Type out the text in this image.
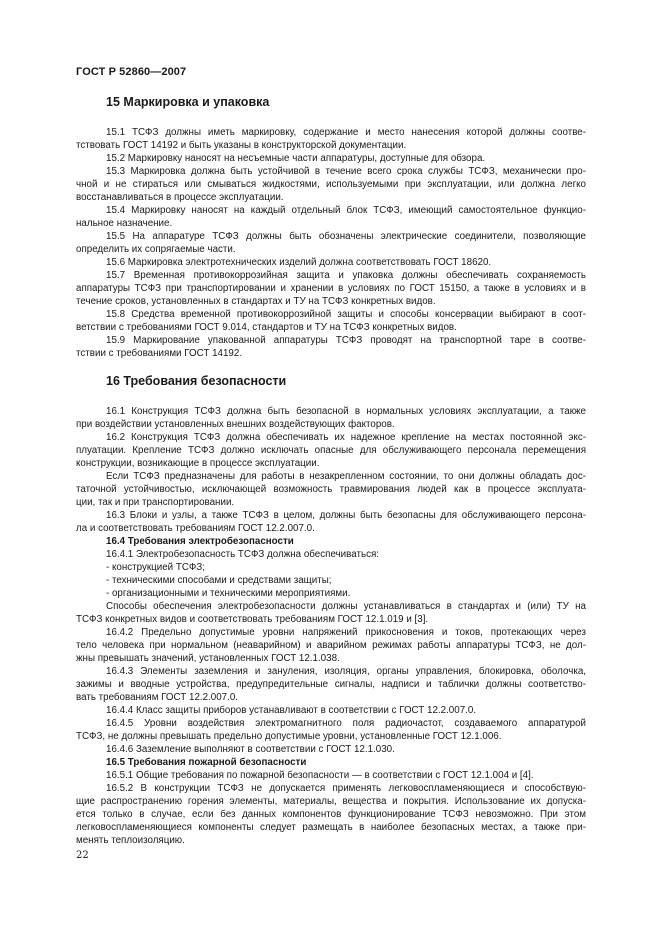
ГОСТ Р 52860—2007
15 Маркировка и упаковка
15.1 ТСФЗ должны иметь маркировку, содержание и место нанесения которой должны соотве-
тствовать ГОСТ 14192 и быть указаны в конструкторской документации.
15.2 Маркировку наносят на несъемные части аппаратуры, доступные для обзора.
15.3 Маркировка должна быть устойчивой в течение всего срока службы ТСФЗ, механически про-
чной и не стираться или смываться жидкостями, используемыми при эксплуатации, или должна легко
восстанавливаться в процессе эксплуатации.
15.4 Маркировку наносят на каждый отдельный блок ТСФЗ, имеющий самостоятельное функцио-
нальное назначение.
15.5 На аппаратуре ТСФЗ должны быть обозначены электрические соединители, позволяющие
определить их сопрягаемые части.
15.6 Маркировка электротехнических изделий должна соответствовать ГОСТ 18620.
15.7 Временная противокоррозийная защита и упаковка должны обеспечивать сохраняемость
аппаратуры ТСФЗ при транспортировании и хранении в условиях по ГОСТ 15150, а также в условиях и в
течение сроков, установленных в стандартах и ТУ на ТСФЗ конкретных видов.
15.8 Средства временной противокоррозийной защиты и способы консервации выбирают в соот-
ветствии с требованиями ГОСТ 9.014, стандартов и ТУ на ТСФЗ конкретных видов.
15.9 Маркирование упакованной аппаратуры ТСФЗ проводят на транспортной таре в соотве-
тствии с требованиями ГОСТ 14192.
16 Требования безопасности
16.1 Конструкция ТСФЗ должна быть безопасной в нормальных условиях эксплуатации, а также
при воздействии установленных внешних воздействующих факторов.
16.2 Конструкция ТСФЗ должна обеспечивать их надежное крепление на местах постоянной экс-
плуатации. Крепление ТСФЗ должно исключать опасные для обслуживающего персонала перемещения
конструкции, возникающие в процессе эксплуатации.
Если ТСФЗ предназначены для работы в незакрепленном состоянии, то они должны обладать дос-
таточной устойчивостью, исключающей возможность травмирования людей как в процессе эксплуата-
ции, так и при транспортировании.
16.3 Блоки и узлы, а также ТСФЗ в целом, должны быть безопасны для обслуживающего персона-
ла и соответствовать требованиям ГОСТ 12.2.007.0.
16.4 Требования электробезопасности
16.4.1 Электробезопасность ТСФЗ должна обеспечиваться:
- конструкцией ТСФЗ;
- техническими способами и средствами защиты;
- организационными и техническими мероприятиями.
Способы обеспечения электробезопасности должны устанавливаться в стандартах и (или) ТУ на
ТСФЗ конкретных видов и соответствовать требованиям ГОСТ 12.1.019 и [3].
16.4.2 Предельно допустимые уровни напряжений прикосновения и токов, протекающих через
тело человека при нормальном (неаварийном) и аварийном режимах работы аппаратуры ТСФЗ, не дол-
жны превышать значений, установленных ГОСТ 12.1.038.
16.4.3 Элементы заземления и зануления, изоляция, органы управления, блокировка, оболочка,
зажимы и вводные устройства, предупредительные сигналы, надписи и таблички должны соответство-
вать требованиям ГОСТ 12.2.007.0.
16.4.4 Класс защиты приборов устанавливают в соответствии с ГОСТ 12.2.007.0.
16.4.5 Уровни воздействия электромагнитного поля радиочастот, создаваемого аппаратурой
ТСФЗ, не должны превышать предельно допустимые уровни, установленные ГОСТ 12.1.006.
16.4.6 Заземление выполняют в соответствии с ГОСТ 12.1.030.
16.5 Требования пожарной безопасности
16.5.1 Общие требования по пожарной безопасности — в соответствии с ГОСТ 12.1.004 и [4].
16.5.2 В конструкции ТСФЗ не допускается применять легковоспламеняющиеся и способствую-
щие распространению горения элементы, материалы, вещества и покрытия. Использование их допуска-
ется только в случае, если без данных компонентов функционирование ТСФЗ невозможно. При этом
легковоспламеняющиеся компоненты следует размещать в наиболее безопасных местах, а также при-
менять теплоизоляцию.
22
